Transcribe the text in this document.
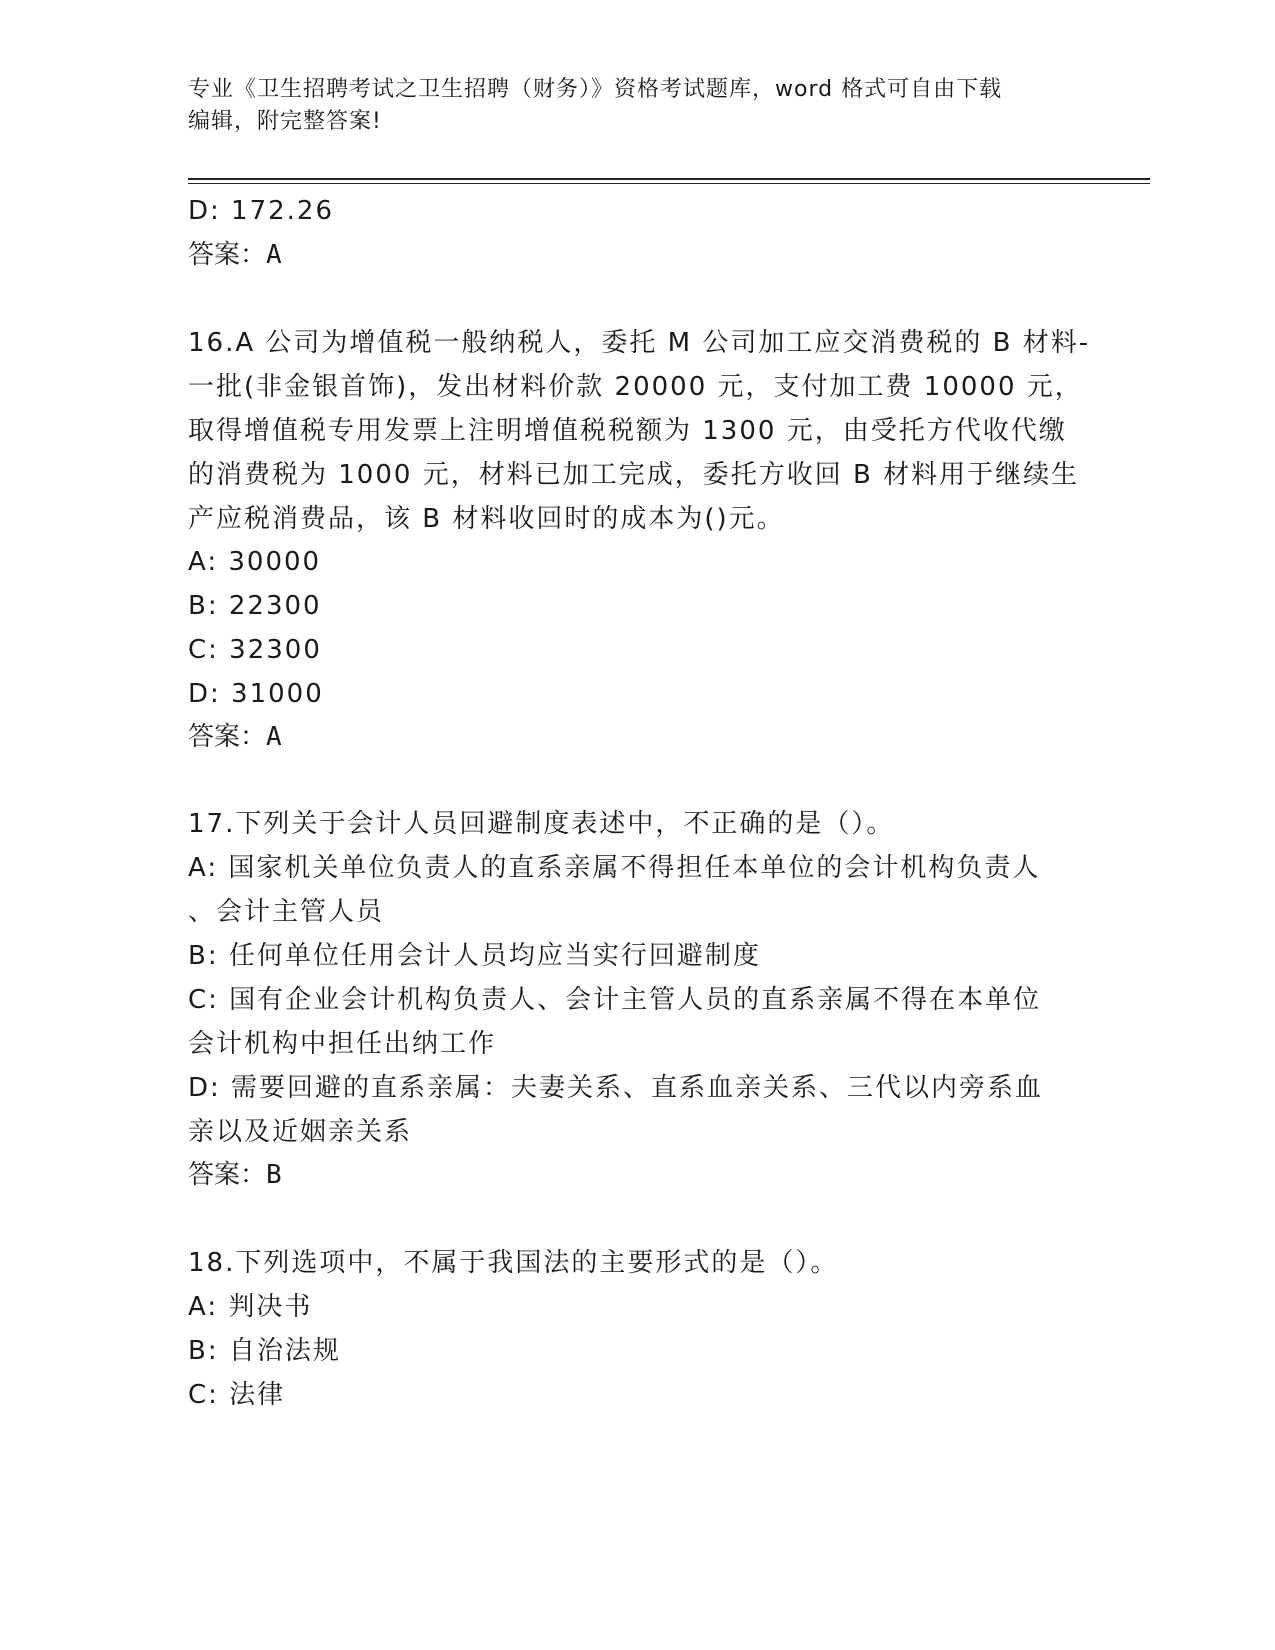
专业《卫生招聘考试之卫生招聘（财务）》资格考试题库，word 格式可自由下载
编辑，附完整答案!
D: 172.26
答案：A
16.A 公司为增值税一般纳税人，委托 M 公司加工应交消费税的 B 材料-
一批(非金银首饰)，发出材料价款 20000 元，支付加工费 10000 元，
取得增值税专用发票上注明增值税税额为 1300 元，由受托方代收代缴
的消费税为 1000 元，材料已加工完成，委托方收回 B 材料用于继续生
产应税消费品，该 B 材料收回时的成本为()元。
A: 30000
B: 22300
C: 32300
D: 31000
答案：A
17.下列关于会计人员回避制度表述中，不正确的是（）。
A: 国家机关单位负责人的直系亲属不得担任本单位的会计机构负责人
、会计主管人员
B: 任何单位任用会计人员均应当实行回避制度
C: 国有企业会计机构负责人、会计主管人员的直系亲属不得在本单位
会计机构中担任出纳工作
D: 需要回避的直系亲属：夫妻关系、直系血亲关系、三代以内旁系血
亲以及近姻亲关系
答案：B
18.下列选项中，不属于我国法的主要形式的是（）。
A: 判决书
B: 自治法规
C: 法律
